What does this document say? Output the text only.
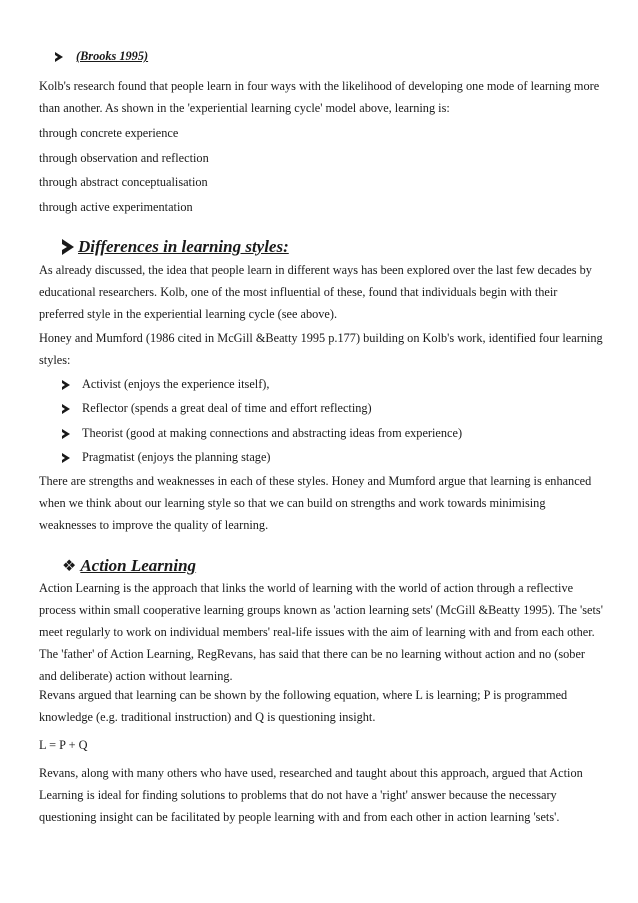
(Brooks 1995)

Kolb's research found that people learn in four ways with the likelihood of developing one mode of learning more than another. As shown in the 'experiential learning cycle' model above, learning is:

through concrete experience

through observation and reflection

through abstract conceptualisation

through active experimentation

Differences in learning styles:

As already discussed, the idea that people learn in different ways has been explored over the last few decades by educational researchers. Kolb, one of the most influential of these, found that individuals begin with their preferred style in the experiential learning cycle (see above).

Honey and Mumford (1986 cited in McGill &Beatty 1995 p.177) building on Kolb's work, identified four learning styles:

Activist (enjoys the experience itself),
Reflector (spends a great deal of time and effort reflecting)
Theorist (good at making connections and abstracting ideas from experience)
Pragmatist (enjoys the planning stage)

There are strengths and weaknesses in each of these styles. Honey and Mumford argue that learning is enhanced when we think about our learning style so that we can build on strengths and work towards minimising weaknesses to improve the quality of learning.

❖ Action Learning

Action Learning is the approach that links the world of learning with the world of action through a reflective process within small cooperative learning groups known as 'action learning sets' (McGill &Beatty 1995). The 'sets' meet regularly to work on individual members' real-life issues with the aim of learning with and from each other. The 'father' of Action Learning, RegRevans, has said that there can be no learning without action and no (sober and deliberate) action without learning.

Revans argued that learning can be shown by the following equation, where L is learning; P is programmed knowledge (e.g. traditional instruction) and Q is questioning insight.

L = P + Q

Revans, along with many others who have used, researched and taught about this approach, argued that Action Learning is ideal for finding solutions to problems that do not have a 'right' answer because the necessary questioning insight can be facilitated by people learning with and from each other in action learning 'sets'.
